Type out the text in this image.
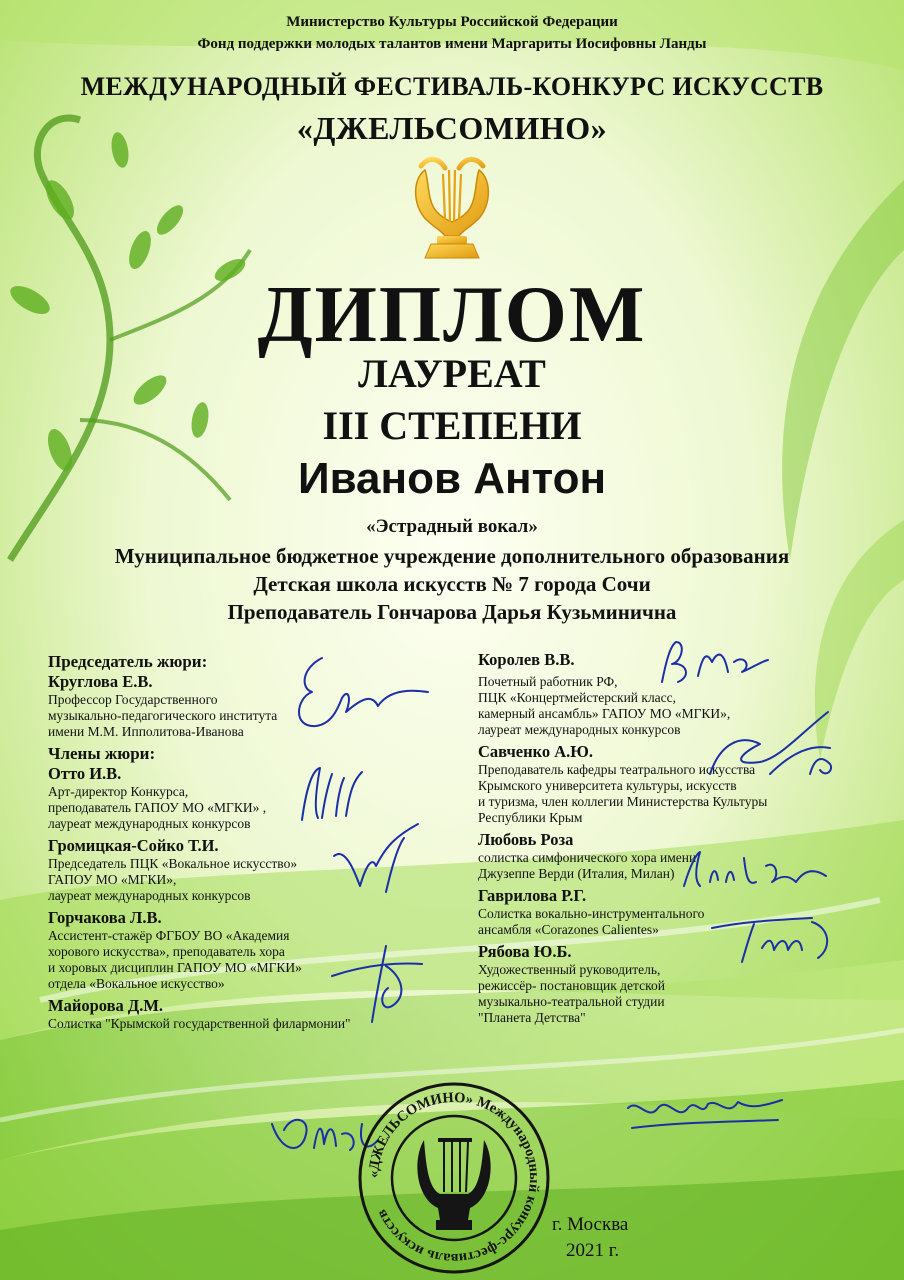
Министерство Культуры Российской Федерации
Фонд поддержки молодых талантов имени Маргариты Иосифовны Ланды
МЕЖДУНАРОДНЫЙ ФЕСТИВАЛЬ-КОНКУРС ИСКУССТВ
«ДЖЕЛЬСОМИНО»
ДИПЛОМ
ЛАУРЕАТ
III СТЕПЕНИ
Иванов Антон
«Эстрадный вокал»
Муниципальное бюджетное учреждение дополнительного образования
Детская школа искусств № 7 города Сочи
Преподаватель Гончарова Дарья Кузьминична
Председатель жюри:
Круглова Е.В.
Профессор Государственного
музыкально-педагогического института
имени М.М. Ипполитова-Иванова
Члены жюри:
Отто И.В.
Арт-директор Конкурса,
преподаватель ГАПОУ МО «МГКИ» ,
лауреат международных конкурсов
Громицкая-Сойко Т.И.
Председатель ПЦК «Вокальное искусство»
ГАПОУ МО «МГКИ»,
лауреат международных конкурсов
Горчакова Л.В.
Ассистент-стажёр ФГБОУ ВО «Академия
хорового искусства», преподаватель хора
и хоровых дисциплин ГАПОУ МО «МГКИ»
отдела «Вокальное искусство»
Майорова Д.М.
Солистка "Крымской государственной филармонии"
Королев В.В.
Почетный работник РФ,
ПЦК «Концертмейстерский класс,
камерный ансамбль» ГАПОУ МО «МГКИ»,
лауреат международных конкурсов
Савченко А.Ю.
Преподаватель кафедры театрального искусства
Крымского университета культуры, искусств
и туризма, член коллегии Министерства Культуры
Республики Крым
Любовь Роза
солистка симфонического хора имени
Джузеппе Верди (Италия, Милан)
Гаврилова Р.Г.
Солистка вокально-инструментального
ансамбля «Corazones Calientes»
Рябова Ю.Б.
Художественный руководитель,
режиссёр- постановщик детской
музыкально-театральной студии
"Планета Детства"
«ДЖЕЛЬСОМИНО» Международный конкурс-фестиваль искусств
г. Москва
2021 г.
